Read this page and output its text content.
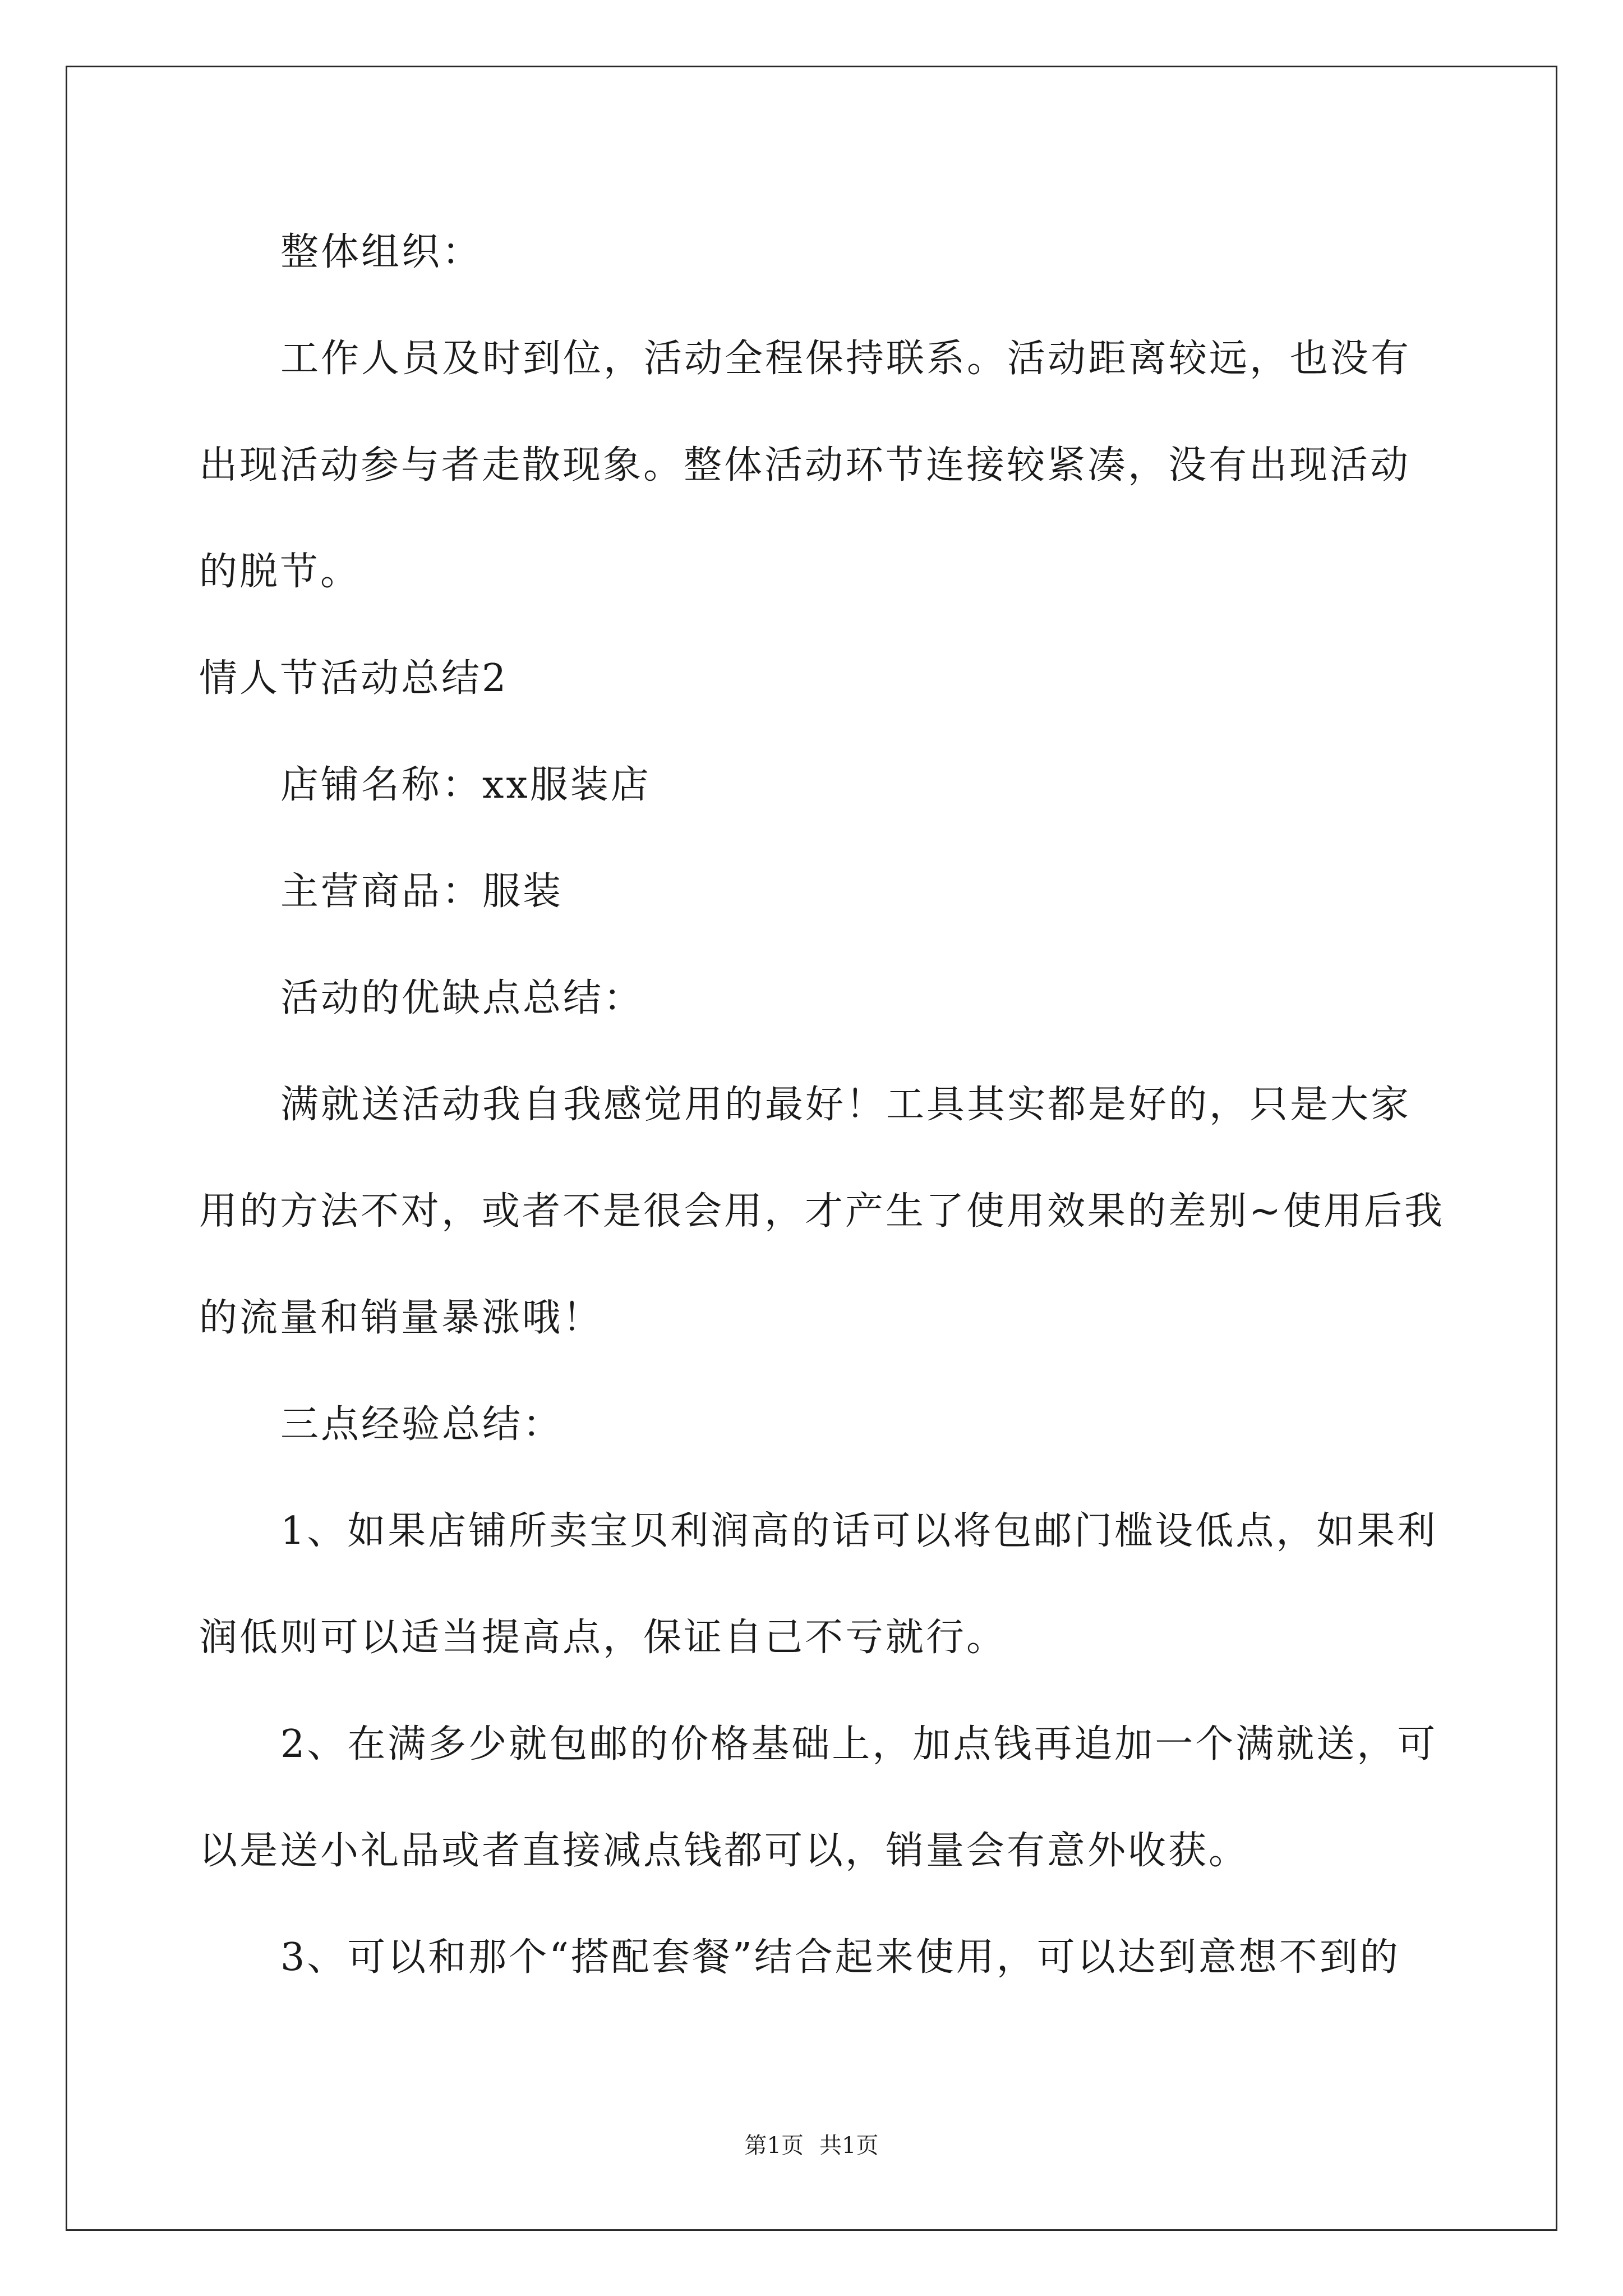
整体组织：
工作人员及时到位，活动全程保持联系。活动距离较远，也没有
出现活动参与者走散现象。整体活动环节连接较紧凑，没有出现活动
的脱节。
情人节活动总结2
店铺名称：xx服装店
主营商品：服装
活动的优缺点总结：
满就送活动我自我感觉用的最好！工具其实都是好的，只是大家
用的方法不对，或者不是很会用，才产生了使用效果的差别~使用后我
的流量和销量暴涨哦！
三点经验总结：
1、如果店铺所卖宝贝利润高的话可以将包邮门槛设低点，如果利
润低则可以适当提高点，保证自己不亏就行。
2、在满多少就包邮的价格基础上，加点钱再追加一个满就送，可
以是送小礼品或者直接减点钱都可以，销量会有意外收获。
3、可以和那个“搭配套餐”结合起来使用，可以达到意想不到的
第1页 共1页
